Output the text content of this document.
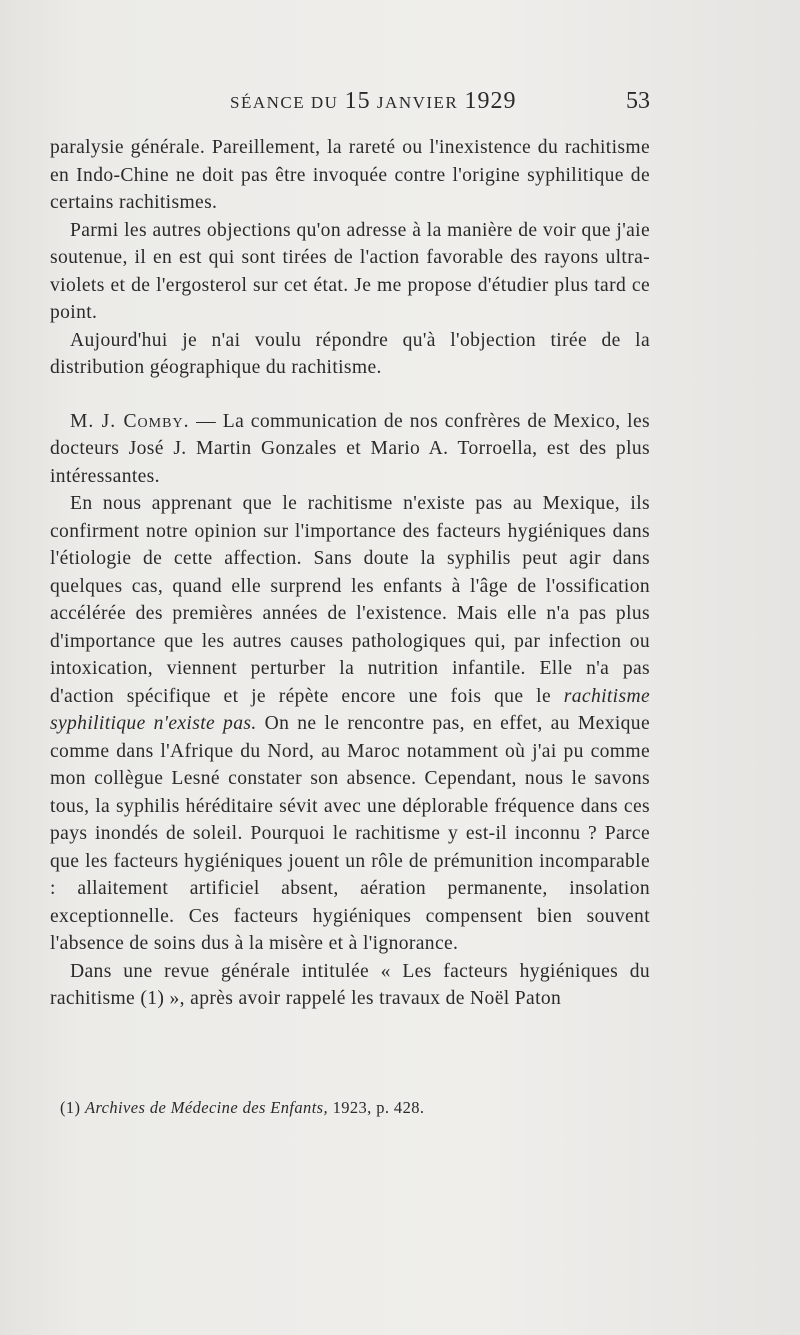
SÉANCE DU 15 JANVIER 1929	53

paralysie générale. Pareillement, la rareté ou l'inexistence du rachitisme en Indo-Chine ne doit pas être invoquée contre l'origine syphilitique de certains rachitismes.

Parmi les autres objections qu'on adresse à la manière de voir que j'aie soutenue, il en est qui sont tirées de l'action favorable des rayons ultra-violets et de l'ergosterol sur cet état. Je me propose d'étudier plus tard ce point.

Aujourd'hui je n'ai voulu répondre qu'à l'objection tirée de la distribution géographique du rachitisme.

M. J. Comby. — La communication de nos confrères de Mexico, les docteurs José J. Martin Gonzales et Mario A. Torroella, est des plus intéressantes.

En nous apprenant que le rachitisme n'existe pas au Mexique, ils confirment notre opinion sur l'importance des facteurs hygiéniques dans l'étiologie de cette affection. Sans doute la syphilis peut agir dans quelques cas, quand elle surprend les enfants à l'âge de l'ossification accélérée des premières années de l'existence. Mais elle n'a pas plus d'importance que les autres causes pathologiques qui, par infection ou intoxication, viennent perturber la nutrition infantile. Elle n'a pas d'action spécifique et je répète encore une fois que le rachitisme syphilitique n'existe pas. On ne le rencontre pas, en effet, au Mexique comme dans l'Afrique du Nord, au Maroc notamment où j'ai pu comme mon collègue Lesné constater son absence. Cependant, nous le savons tous, la syphilis héréditaire sévit avec une déplorable fréquence dans ces pays inondés de soleil. Pourquoi le rachitisme y est-il inconnu ? Parce que les facteurs hygiéniques jouent un rôle de prémunition incomparable : allaitement artificiel absent, aération permanente, insolation exceptionnelle. Ces facteurs hygiéniques compensent bien souvent l'absence de soins dus à la misère et à l'ignorance.

Dans une revue générale intitulée « Les facteurs hygiéniques du rachitisme (1) », après avoir rappelé les travaux de Noël Paton

(1) Archives de Médecine des Enfants, 1923, p. 428.
